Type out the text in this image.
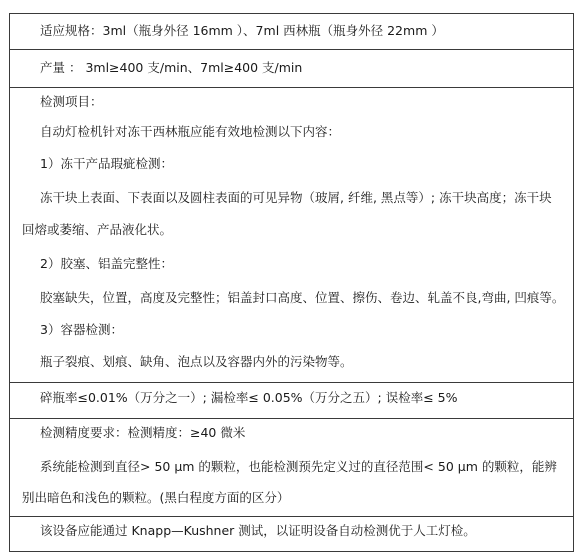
适应规格：3ml（瓶身外径 16mm ）、7ml 西林瓶（瓶身外径 22mm ）
产量 ： 3ml≥400 支/min、7ml≥400 支/min
检测项目：
自动灯检机针对冻干西林瓶应能有效地检测以下内容：
1）冻干产品瑕疵检测：
冻干块上表面、下表面以及圆柱表面的可见异物（玻屑, 纤维, 黑点等）; 冻干块高度；冻干块
回熔或萎缩、产品液化状。
2）胶塞、铝盖完整性：
胶塞缺失，位置，高度及完整性；铝盖封口高度、位置、擦伤、卷边、轧盖不良,弯曲, 凹痕等。
3）容器检测：
瓶子裂痕、划痕、缺角、泡点以及容器内外的污染物等。
碎瓶率≤0.01%（万分之一）; 漏检率≤ 0.05%（万分之五）; 误检率≤ 5%
检测精度要求：检测精度：≥40 微米
系统能检测到直径> 50 μm 的颗粒，也能检测预先定义过的直径范围< 50 μm 的颗粒，能辨
别出暗色和浅色的颗粒。(黑白程度方面的区分）
该设备应能通过 Knapp—Kushner 测试，以证明设备自动检测优于人工灯检。
